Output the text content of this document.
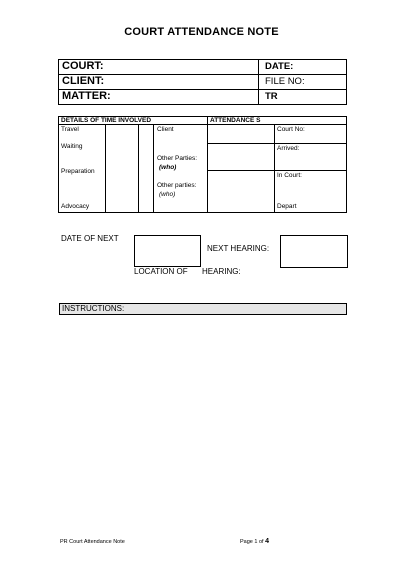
COURT ATTENDANCE NOTE
COURT:
CLIENT:
MATTER:
DATE:
FILE NO:
TR
DETAILS OF TIME INVOLVED	ATTENDANCE S
Travel
Waiting
Preparation
Advocacy
Client
Other Parties:
(who)
Other parties:
(who)
Court No:
Arrived:
In Court:
Depart
DATE OF NEXT
NEXT HEARING:
LOCATION OF HEARING:
INSTRUCTIONS:
PR Court Attendance Note	Page 1 of 4
